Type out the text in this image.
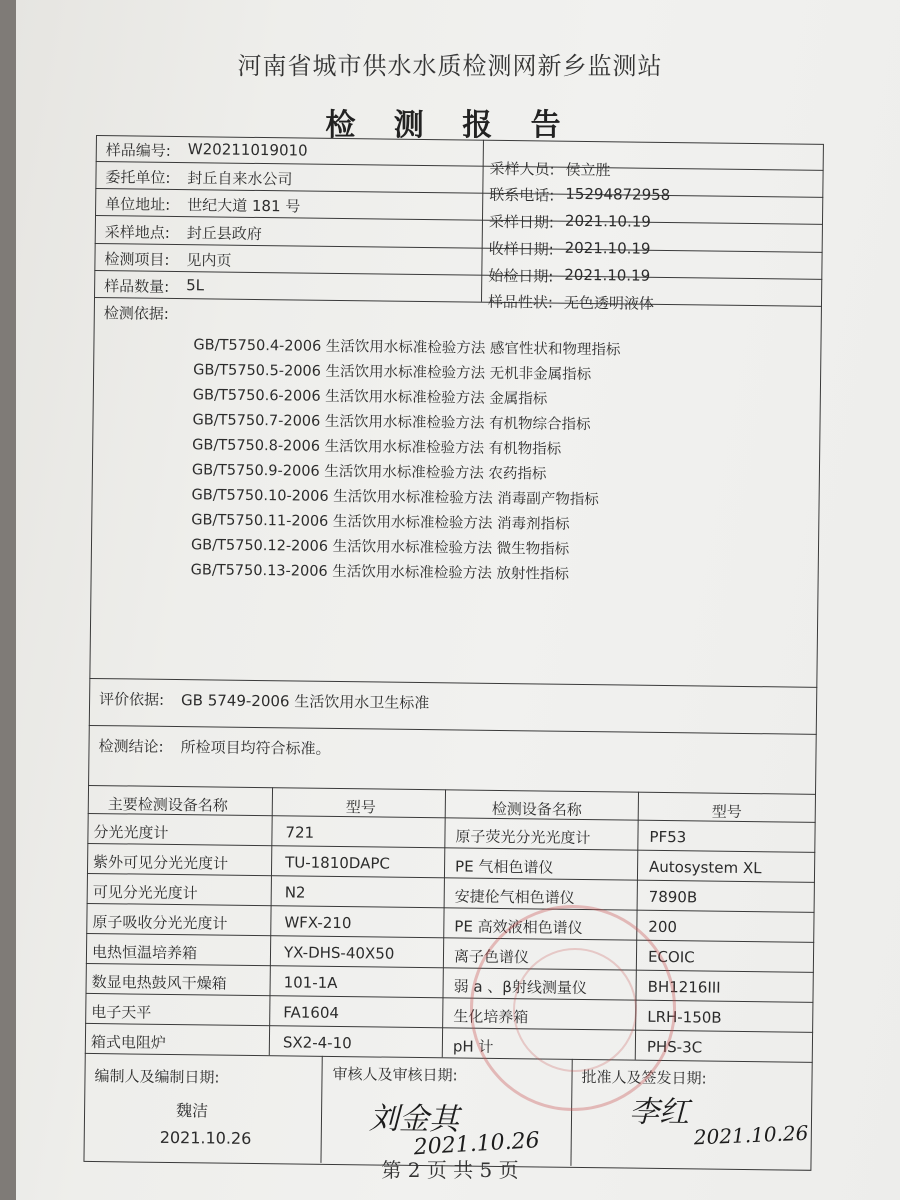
河南省城市供水水质检测网新乡监测站
检 测 报 告
样品编号: W20211019010
采样人员: 侯立胜
委托单位: 封丘自来水公司
联系电话: 15294872958
单位地址: 世纪大道 181 号
采样日期: 2021.10.19
采样地点: 封丘县政府
收样日期: 2021.10.19
检测项目: 见内页
始检日期: 2021.10.19
样品数量: 5L
样品性状: 无色透明液体
检测依据:
GB/T5750.4-2006 生活饮用水标准检验方法 感官性状和物理指标
GB/T5750.5-2006 生活饮用水标准检验方法 无机非金属指标
GB/T5750.6-2006 生活饮用水标准检验方法 金属指标
GB/T5750.7-2006 生活饮用水标准检验方法 有机物综合指标
GB/T5750.8-2006 生活饮用水标准检验方法 有机物指标
GB/T5750.9-2006 生活饮用水标准检验方法 农药指标
GB/T5750.10-2006 生活饮用水标准检验方法 消毒副产物指标
GB/T5750.11-2006 生活饮用水标准检验方法 消毒剂指标
GB/T5750.12-2006 生活饮用水标准检验方法 微生物指标
GB/T5750.13-2006 生活饮用水标准检验方法 放射性指标
评价依据: GB 5749-2006 生活饮用水卫生标准
检测结论: 所检项目均符合标准。
主要检测设备名称	型号	检测设备名称	型号
分光光度计	721	原子荧光分光光度计	PF53
紫外可见分光光度计	TU-1810DAPC	PE 气相色谱仪	Autosystem XL
可见分光光度计	N2	安捷伦气相色谱仪	7890B
原子吸收分光光度计	WFX-210	PE 高效液相色谱仪	200
电热恒温培养箱	YX-DHS-40X50	离子色谱仪	ECOIC
数显电热鼓风干燥箱	101-1A	弱 a 、β射线测量仪	BH1216III
电子天平	FA1604	生化培养箱	LRH-150B
箱式电阻炉	SX2-4-10	pH 计	PHS-3C
编制人及编制日期:
魏洁
2021.10.26
审核人及审核日期:
刘金其
2021.10.26
批准人及签发日期:
李红
2021.10.26
第 2 页 共 5 页
